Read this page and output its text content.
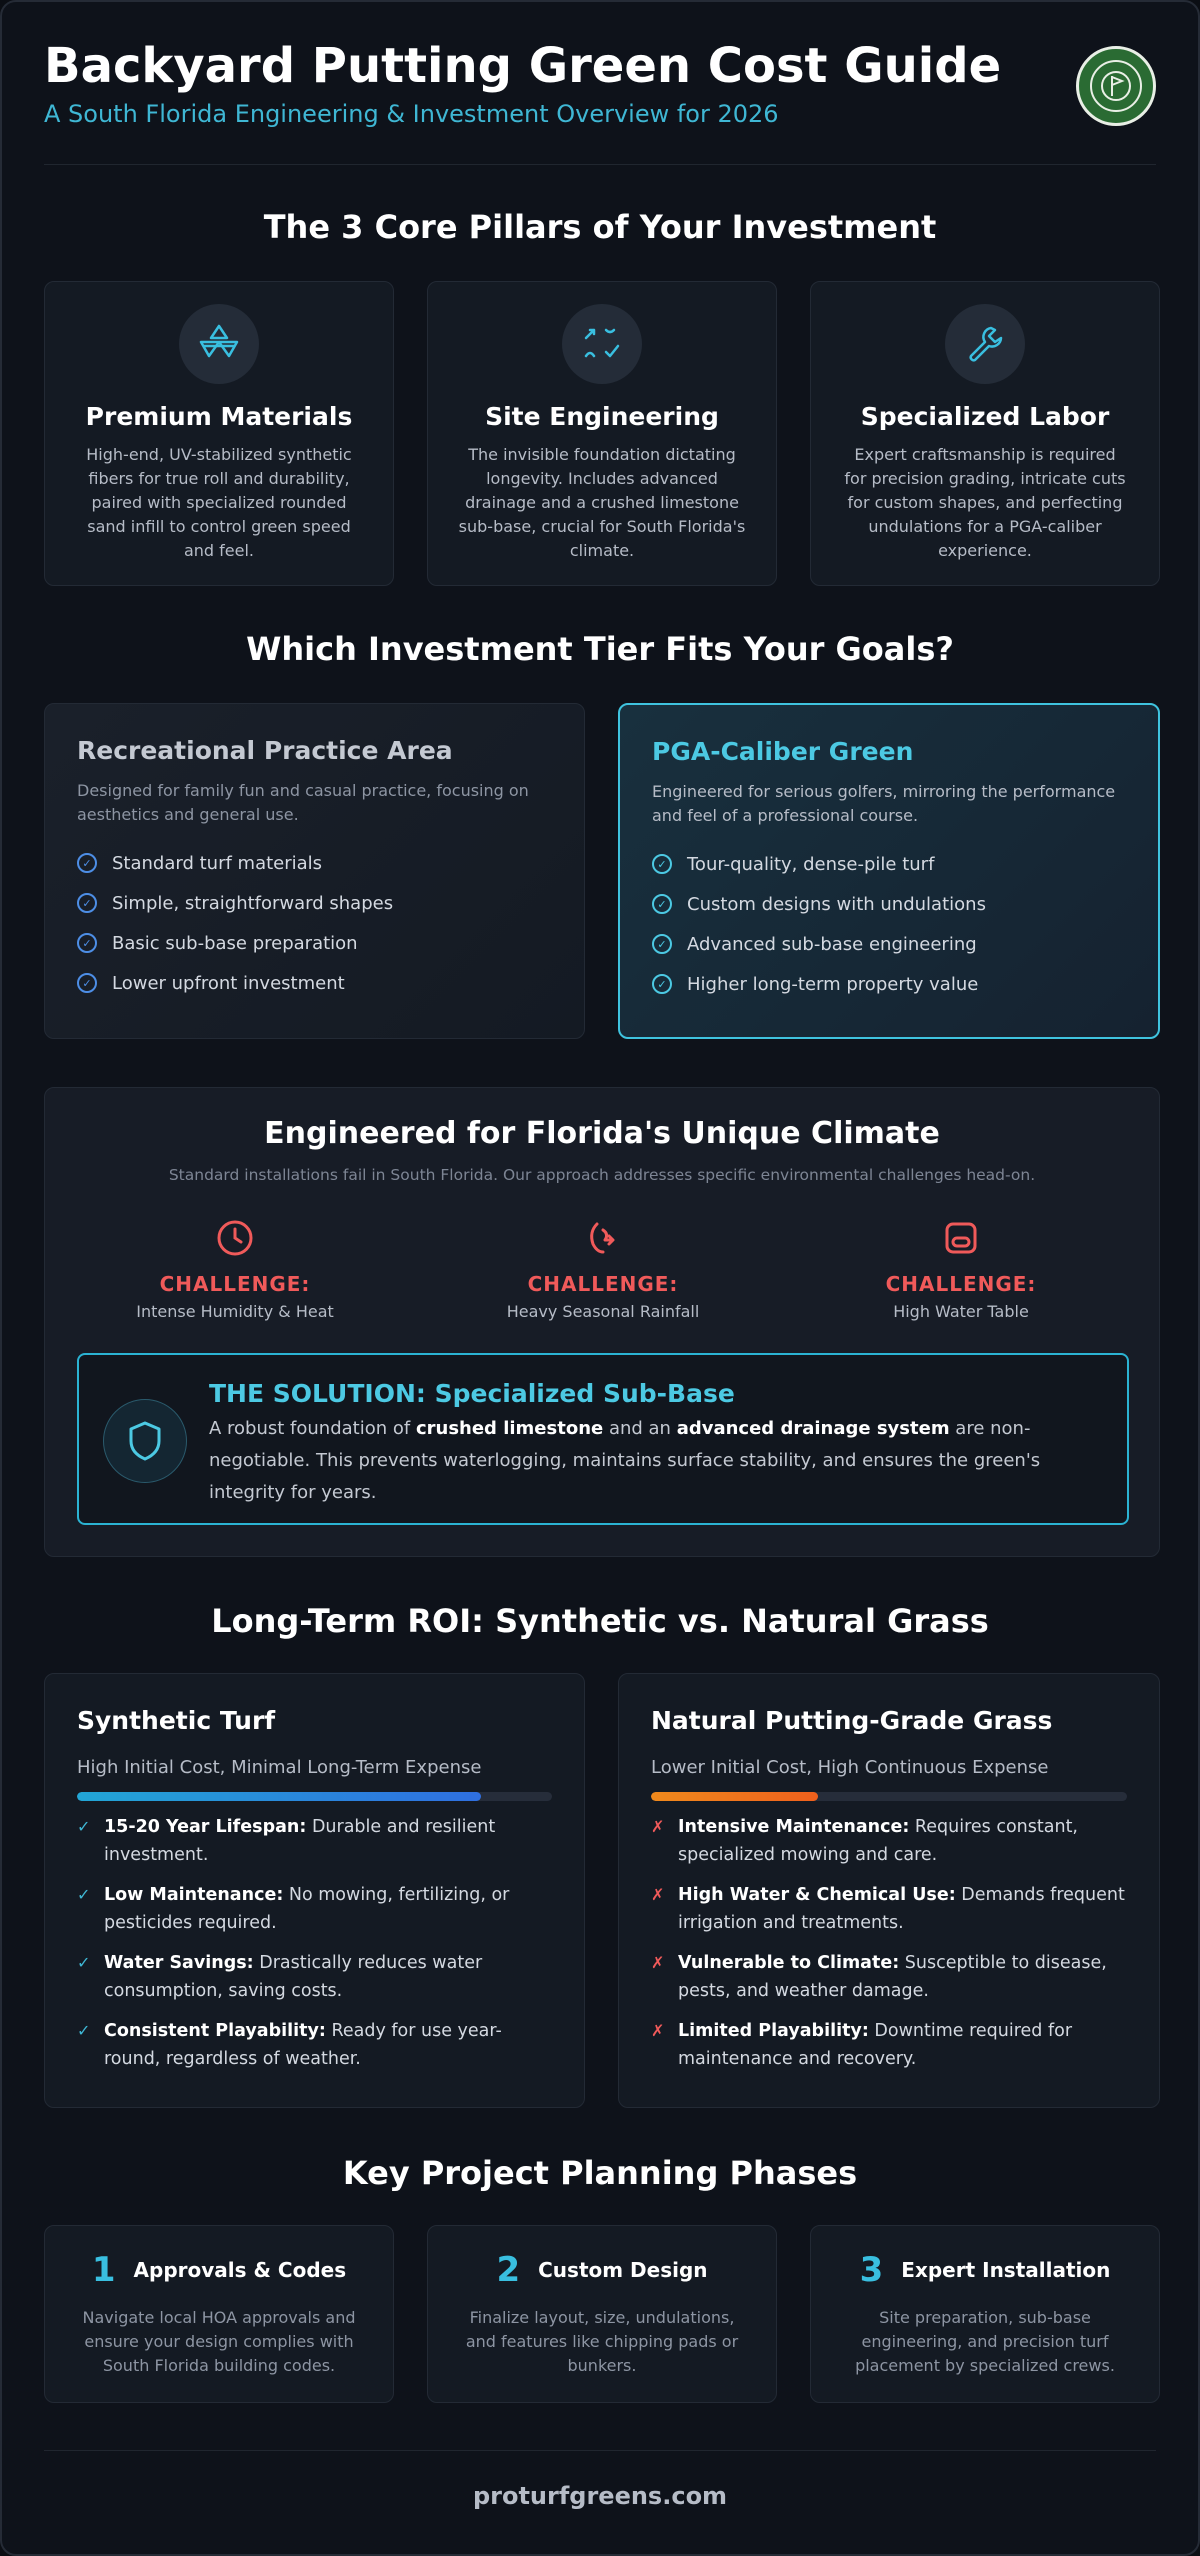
Backyard Putting Green Cost Guide
A South Florida Engineering & Investment Overview for 2026
The 3 Core Pillars of Your Investment
Premium Materials
High-end, UV-stabilized synthetic fibers for true roll and durability, paired with specialized rounded sand infill to control green speed and feel.
Site Engineering
The invisible foundation dictating longevity. Includes advanced drainage and a crushed limestone sub-base, crucial for South Florida's climate.
Specialized Labor
Expert craftsmanship is required for precision grading, intricate cuts for custom shapes, and perfecting undulations for a PGA-caliber experience.
Which Investment Tier Fits Your Goals?
Recreational Practice Area

Designed for family fun and casual practice, focusing on aesthetics and general use.

✓ Standard turf materials
✓ Simple, straightforward shapes
✓ Basic sub-base preparation
✓ Lower upfront investment
PGA-Caliber Green

Engineered for serious golfers, mirroring the performance and feel of a professional course.

✓ Tour-quality, dense-pile turf
✓ Custom designs with undulations
✓ Advanced sub-base engineering
✓ Higher long-term property value
Engineered for Florida's Unique Climate
Standard installations fail in South Florida. Our approach addresses specific environmental challenges head-on.
CHALLENGE:
Intense Humidity & Heat
CHALLENGE:
Heavy Seasonal Rainfall
CHALLENGE:
High Water Table
THE SOLUTION: Specialized Sub-Base
A robust foundation of crushed limestone and an advanced drainage system are non-negotiable. This prevents waterlogging, maintains surface stability, and ensures the green's integrity for years.
Long-Term ROI: Synthetic vs. Natural Grass
Synthetic Turf
High Initial Cost, Minimal Long-Term Expense
✓ 15-20 Year Lifespan: Durable and resilient investment.
✓ Low Maintenance: No mowing, fertilizing, or pesticides required.
✓ Water Savings: Drastically reduces water consumption, saving costs.
✓ Consistent Playability: Ready for use year-round, regardless of weather.
Natural Putting-Grade Grass
Lower Initial Cost, High Continuous Expense
✗ Intensive Maintenance: Requires constant, specialized mowing and care.
✗ High Water & Chemical Use: Demands frequent irrigation and treatments.
✗ Vulnerable to Climate: Susceptible to disease, pests, and weather damage.
✗ Limited Playability: Downtime required for maintenance and recovery.
Key Project Planning Phases
1 Approvals & Codes
Navigate local HOA approvals and ensure your design complies with South Florida building codes.
2 Custom Design
Finalize layout, size, undulations, and features like chipping pads or bunkers.
3 Expert Installation
Site preparation, sub-base engineering, and precision turf placement by specialized crews.
proturfgreens.com
